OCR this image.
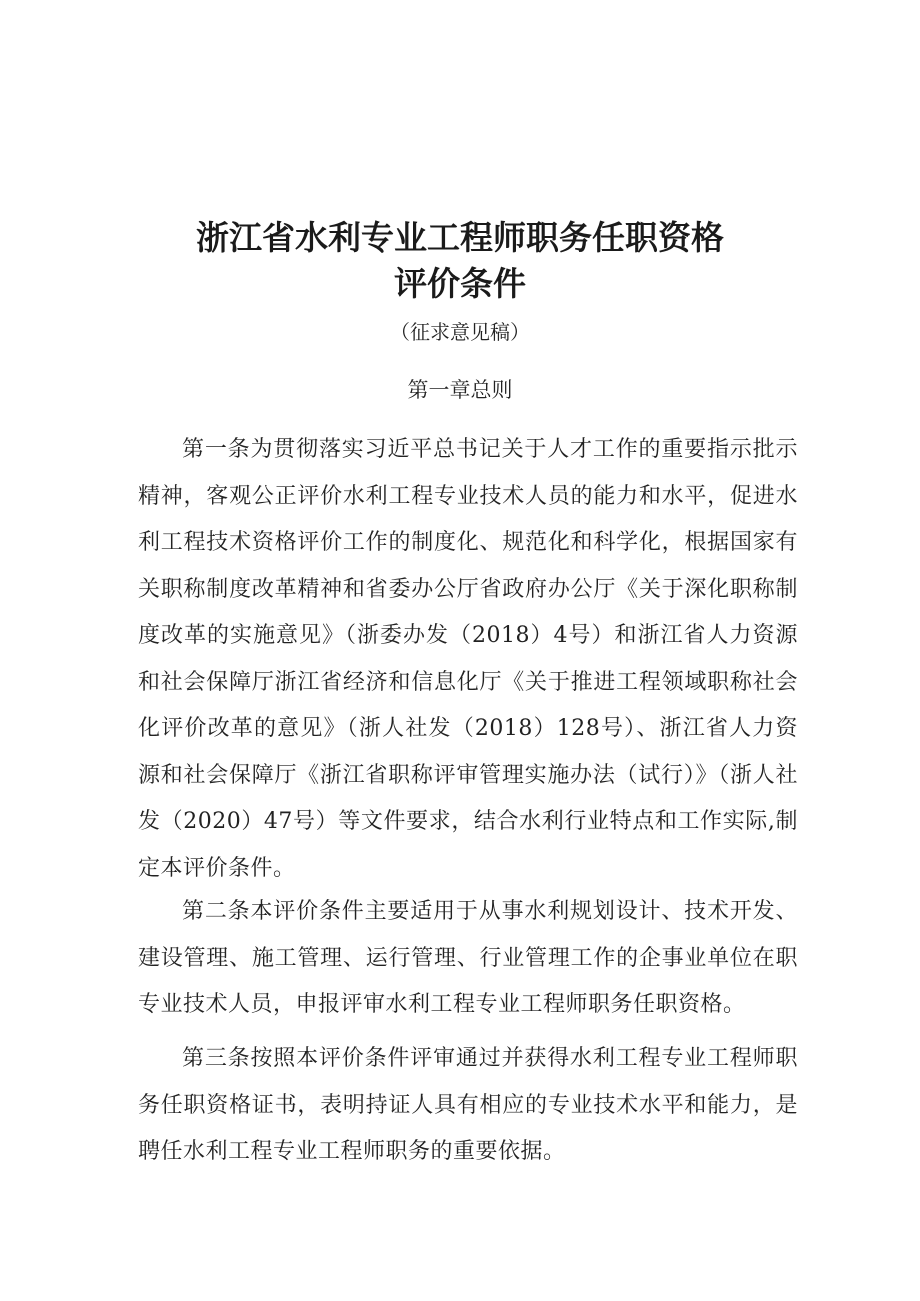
浙江省水利专业工程师职务任职资格
评价条件
（征求意见稿）
第一章总则

第一条为贯彻落实习近平总书记关于人才工作的重要指示批示精神，客观公正评价水利工程专业技术人员的能力和水平，促进水利工程技术资格评价工作的制度化、规范化和科学化，根据国家有关职称制度改革精神和省委办公厅省政府办公厅《关于深化职称制度改革的实施意见》（浙委办发（2018）4号）和浙江省人力资源和社会保障厅浙江省经济和信息化厅《关于推进工程领域职称社会化评价改革的意见》（浙人社发（2018）128号）、浙江省人力资源和社会保障厅《浙江省职称评审管理实施办法（试行）》（浙人社发（2020）47号）等文件要求，结合水利行业特点和工作实际,制定本评价条件。

第二条本评价条件主要适用于从事水利规划设计、技术开发、建设管理、施工管理、运行管理、行业管理工作的企事业单位在职专业技术人员，申报评审水利工程专业工程师职务任职资格。

第三条按照本评价条件评审通过并获得水利工程专业工程师职务任职资格证书，表明持证人具有相应的专业技术水平和能力，是聘任水利工程专业工程师职务的重要依据。
